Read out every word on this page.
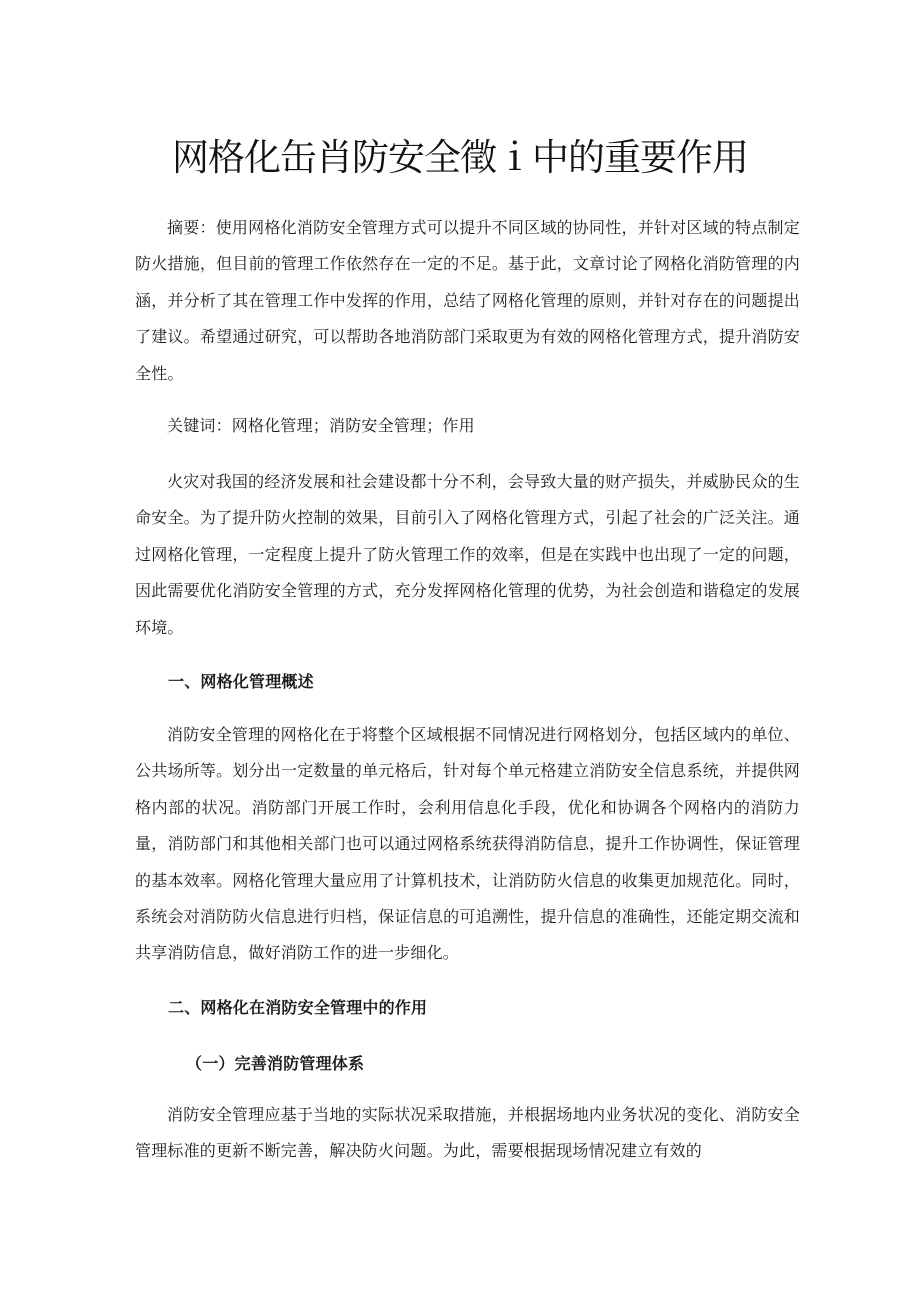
网格化缶肖防安全徵ｉ中的重要作用

摘要：使用网格化消防安全管理方式可以提升不同区域的协同性，并针对区域的特点制定防火措施，但目前的管理工作依然存在一定的不足。基于此，文章讨论了网格化消防管理的内涵，并分析了其在管理工作中发挥的作用，总结了网格化管理的原则，并针对存在的问题提出了建议。希望通过研究，可以帮助各地消防部门采取更为有效的网格化管理方式，提升消防安全性。

关键词：网格化管理；消防安全管理；作用

火灾对我国的经济发展和社会建设都十分不利，会导致大量的财产损失，并威胁民众的生命安全。为了提升防火控制的效果，目前引入了网格化管理方式，引起了社会的广泛关注。通过网格化管理，一定程度上提升了防火管理工作的效率，但是在实践中也出现了一定的问题，因此需要优化消防安全管理的方式，充分发挥网格化管理的优势，为社会创造和谐稳定的发展环境。

一、网格化管理概述

消防安全管理的网格化在于将整个区域根据不同情况进行网格划分，包括区域内的单位、公共场所等。划分出一定数量的单元格后，针对每个单元格建立消防安全信息系统，并提供网格内部的状况。消防部门开展工作时，会利用信息化手段，优化和协调各个网格内的消防力量，消防部门和其他相关部门也可以通过网格系统获得消防信息，提升工作协调性，保证管理的基本效率。网格化管理大量应用了计算机技术，让消防防火信息的收集更加规范化。同时，系统会对消防防火信息进行归档，保证信息的可追溯性，提升信息的准确性，还能定期交流和共享消防信息，做好消防工作的进一步细化。

二、网格化在消防安全管理中的作用
（一）完善消防管理体系

消防安全管理应基于当地的实际状况采取措施，并根据场地内业务状况的变化、消防安全管理标准的更新不断完善，解决防火问题。为此，需要根据现场情况建立有效的
